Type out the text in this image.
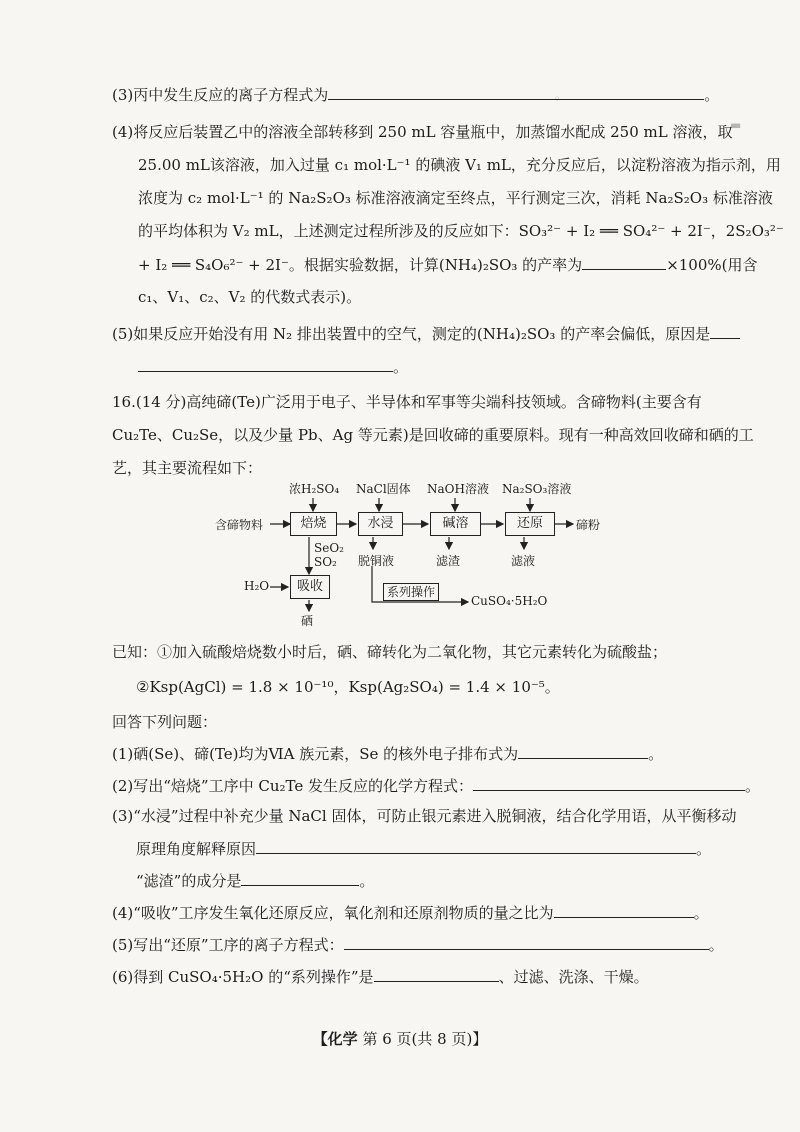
。
▬
(3)丙中发生反应的离子方程式为	。
(4)将反应后装置乙中的溶液全部转移到 250 mL 容量瓶中，加蒸馏水配成 250 mL 溶液，取
25.00 mL该溶液，加入过量 c₁ mol·L⁻¹ 的碘液 V₁ mL，充分反应后，以淀粉溶液为指示剂，用
浓度为 c₂ mol·L⁻¹ 的 Na₂S₂O₃ 标准溶液滴定至终点，平行测定三次，消耗 Na₂S₂O₃ 标准溶液
的平均体积为 V₂ mL，上述测定过程所涉及的反应如下：SO₃²⁻ + I₂ ══ SO₄²⁻ + 2I⁻，2S₂O₃²⁻
+ I₂ ══ S₄O₆²⁻ + 2I⁻。根据实验数据，计算(NH₄)₂SO₃ 的产率为	×100%(用含
c₁、V₁、c₂、V₂ 的代数式表示)。
(5)如果反应开始没有用 N₂ 排出装置中的空气，测定的(NH₄)₂SO₃ 的产率会偏低，原因是
。
16.(14 分)高纯碲(Te)广泛用于电子、半导体和军事等尖端科技领域。含碲物料(主要含有
Cu₂Te、Cu₂Se，以及少量 Pb、Ag 等元素)是回收碲的重要原料。现有一种高效回收碲和硒的工
艺，其主要流程如下：
浓H₂SO₄ NaCl固体 NaOH溶液 Na₂SO₃溶液
含碲物料	焙烧	水浸	碱溶	还原
吸收
碲粉
SeO₂
SO₂
H₂O
硒
脱铜液	滤渣	滤液
系列操作
CuSO₄·5H₂O
已知：①加入硫酸焙烧数小时后，硒、碲转化为二氧化物，其它元素转化为硫酸盐；
②Ksp(AgCl) = 1.8 × 10⁻¹⁰，Ksp(Ag₂SO₄) = 1.4 × 10⁻⁵。
回答下列问题：
(1)硒(Se)、碲(Te)均为ⅥA 族元素，Se 的核外电子排布式为	。
(2)写出“焙烧”工序中 Cu₂Te 发生反应的化学方程式：	。
(3)“水浸”过程中补充少量 NaCl 固体，可防止银元素进入脱铜液，结合化学用语，从平衡移动
原理角度解释原因	。
“滤渣”的成分是	。
(4)“吸收”工序发生氧化还原反应，氧化剂和还原剂物质的量之比为	。
(5)写出“还原”工序的离子方程式：	。
(6)得到 CuSO₄·5H₂O 的“系列操作”是	、过滤、洗涤、干燥。
【化学 第 6 页(共 8 页)】
